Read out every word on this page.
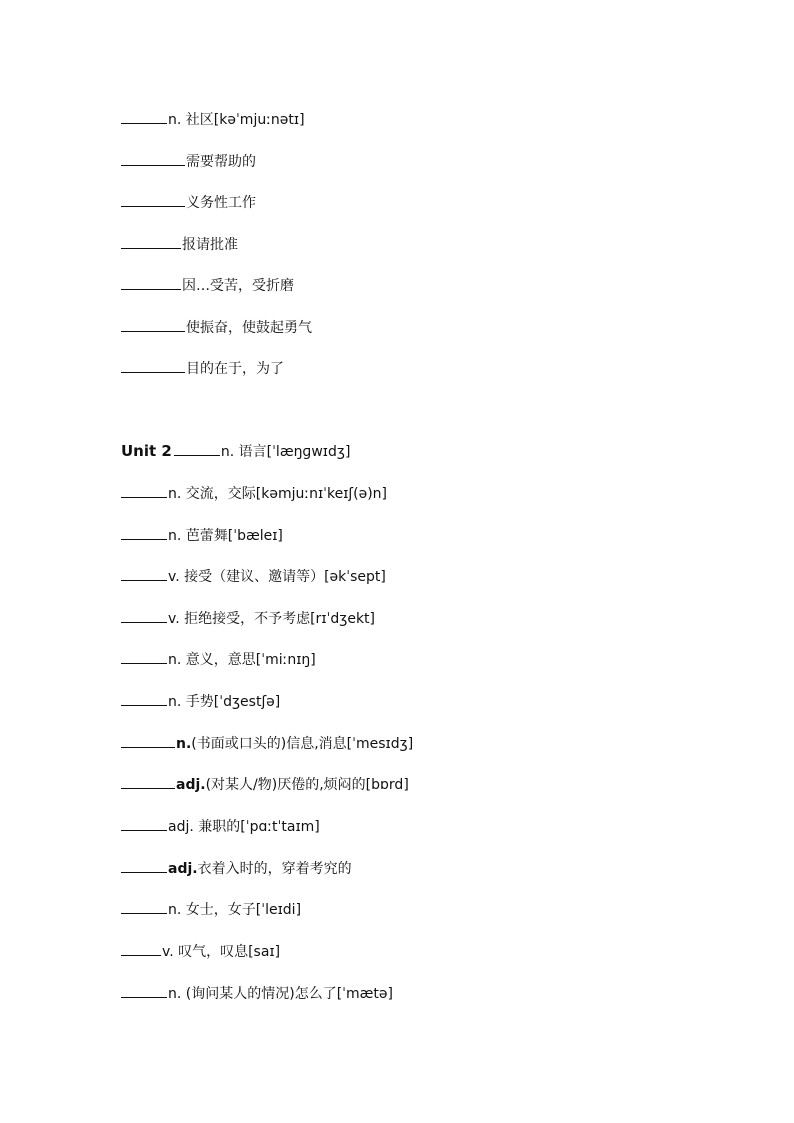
n. 社区[kəˈmjuːnətɪ]
需要帮助的
义务性工作
报请批准
因…受苦，受折磨
使振奋，使鼓起勇气
目的在于，为了
Unit 2	n. 语言[ˈlæŋɡwɪdʒ]
n. 交流，交际[kəmjuːnɪˈkeɪʃ(ə)n]
n. 芭蕾舞[ˈbæleɪ]
v. 接受（建议、邀请等）[əkˈsept]
v. 拒绝接受，不予考虑[rɪˈdʒekt]
n. 意义，意思[ˈmiːnɪŋ]
n. 手势[ˈdʒestʃə]
n. (书面或口头的)信息,消息[ˈmesɪdʒ]
adj. (对某人/物)厌倦的,烦闷的[bɒrd]
adj. 兼职的[ˈpɑːtˈtaɪm]
adj. 衣着入时的，穿着考究的
n. 女士，女子[ˈleɪdi]
v. 叹气，叹息[saɪ]
n. (询问某人的情况)怎么了[ˈmætə]
